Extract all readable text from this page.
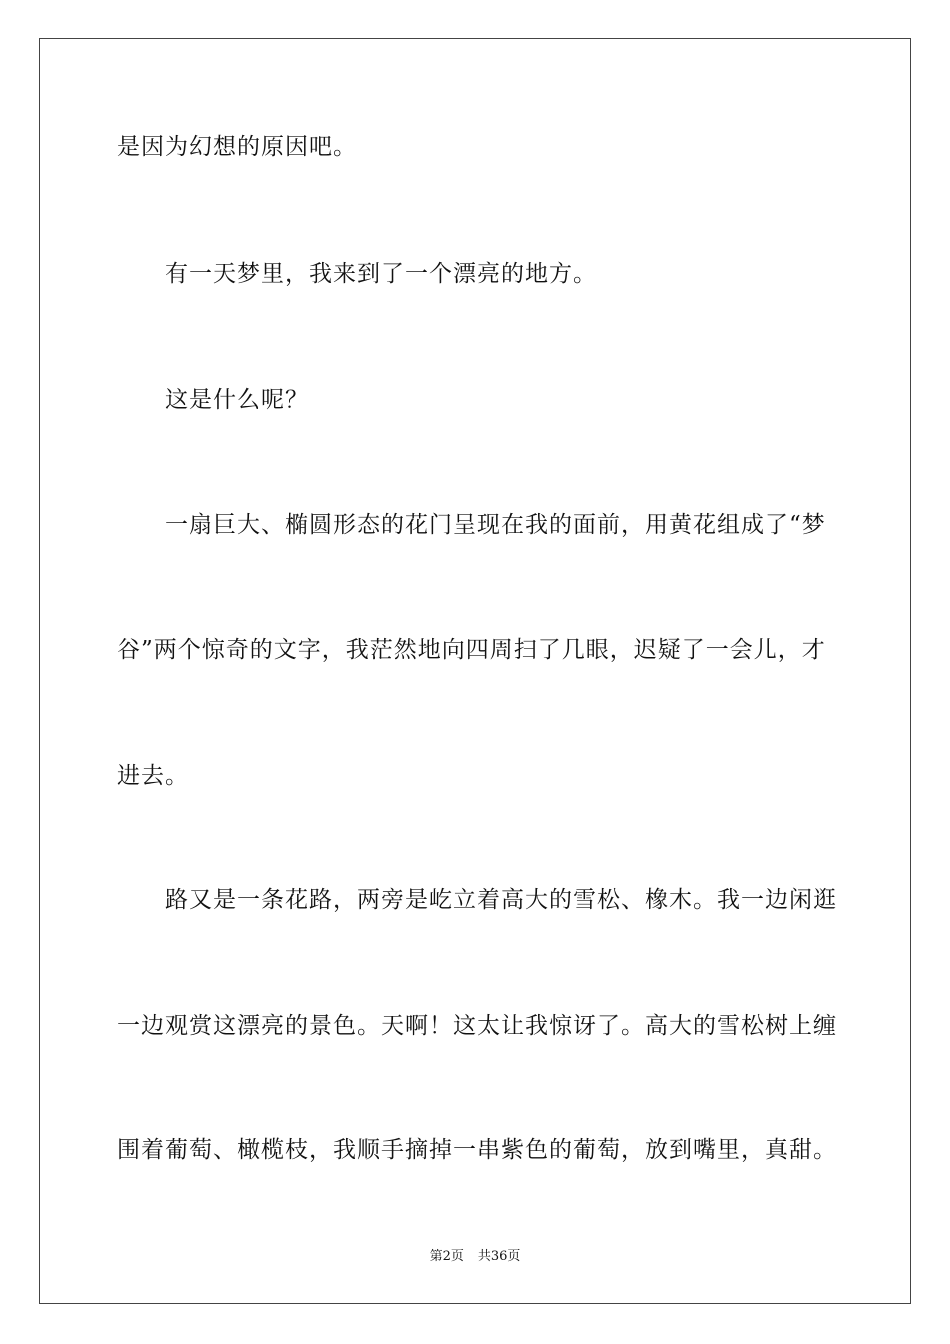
是因为幻想的原因吧。
　　有一天梦里，我来到了一个漂亮的地方。
　　这是什么呢？
　　一扇巨大、椭圆形态的花门呈现在我的面前，用黄花组成了“梦
谷”两个惊奇的文字，我茫然地向四周扫了几眼，迟疑了一会儿，才
进去。
　　路又是一条花路，两旁是屹立着高大的雪松、橡木。我一边闲逛
一边观赏这漂亮的景色。天啊！这太让我惊讶了。高大的雪松树上缠
围着葡萄、橄榄枝，我顺手摘掉一串紫色的葡萄，放到嘴里，真甜。
第2页 共36页
